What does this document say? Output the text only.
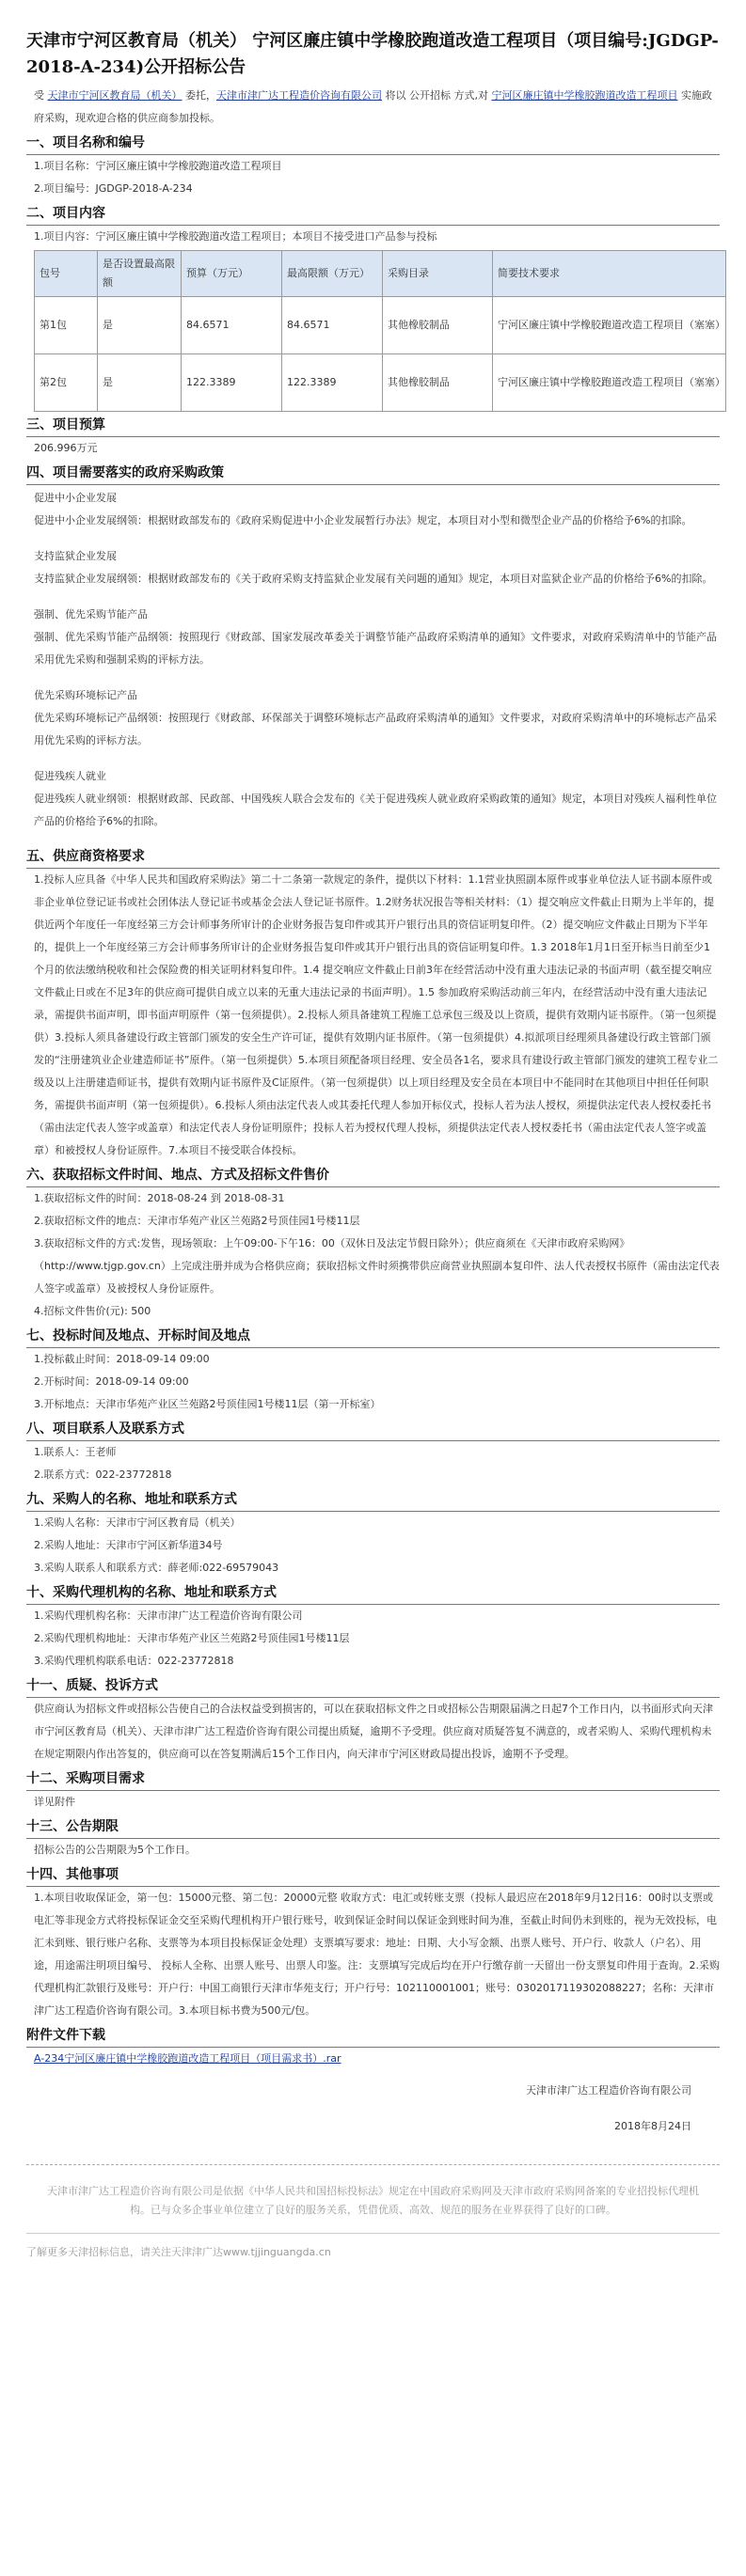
天津市宁河区教育局（机关） 宁河区廉庄镇中学橡胶跑道改造工程项目（项目编号:JGDGP-2018-A-234)公开招标公告
受 天津市宁河区教育局（机关） 委托，天津市津广达工程造价咨询有限公司 将以 公开招标 方式,对 宁河区廉庄镇中学橡胶跑道改造工程项目 实施政府采购，现欢迎合格的供应商参加投标。
一、项目名称和编号
1.项目名称：宁河区廉庄镇中学橡胶跑道改造工程项目
2.项目编号：JGDGP-2018-A-234
二、项目内容
1.项目内容：宁河区廉庄镇中学橡胶跑道改造工程项目；本项目不接受进口产品参与投标
包号	是否设置最高限额	预算（万元）	最高限额（万元）	采购目录	简要技术要求
第1包	是	84.6571	84.6571	其他橡胶制品	宁河区廉庄镇中学橡胶跑道改造工程项目（塞塞）
第2包	是	122.3389	122.3389	其他橡胶制品	宁河区廉庄镇中学橡胶跑道改造工程项目（塞塞）
三、项目预算
206.996万元
四、项目需要落实的政府采购政策
促进中小企业发展
促进中小企业发展纲领：根据财政部发布的《政府采购促进中小企业发展暂行办法》规定，本项目对小型和微型企业产品的价格给予6%的扣除。
支持监狱企业发展
支持监狱企业发展纲领：根据财政部发布的《关于政府采购支持监狱企业发展有关问题的通知》规定，本项目对监狱企业产品的价格给予6%的扣除。
强制、优先采购节能产品
强制、优先采购节能产品纲领：按照现行《财政部、国家发展改革委关于调整节能产品政府采购清单的通知》文件要求，对政府采购清单中的节能产品采用优先采购和强制采购的评标方法。
优先采购环境标记产品
优先采购环境标记产品纲领：按照现行《财政部、环保部关于调整环境标志产品政府采购清单的通知》文件要求，对政府采购清单中的环境标志产品采用优先采购的评标方法。
促进残疾人就业
促进残疾人就业纲领：根据财政部、民政部、中国残疾人联合会发布的《关于促进残疾人就业政府采购政策的通知》规定，本项目对残疾人福利性单位产品的价格给予6%的扣除。
五、供应商资格要求
1.投标人应具备《中华人民共和国政府采购法》第二十二条第一款规定的条件，提供以下材料：1.1营业执照副本原件或事业单位法人证书副本原件或非企业单位登记证书或社会团体法人登记证书或基金会法人登记证书原件。1.2财务状况报告等相关材料：（1）提交响应文件截止日期为上半年的，提供近两个年度任一年度经第三方会计师事务所审计的企业财务报告复印件或其开户银行出具的资信证明复印件。（2）提交响应文件截止日期为下半年的，提供上一个年度经第三方会计师事务所审计的企业财务报告复印件或其开户银行出具的资信证明复印件。1.3 2018年1月1日至开标当日前至少1个月的依法缴纳税收和社会保险费的相关证明材料复印件。1.4 提交响应文件截止日前3年在经营活动中没有重大违法记录的书面声明（截至提交响应文件截止日或在不足3年的供应商可提供自成立以来的无重大违法记录的书面声明）。1.5 参加政府采购活动前三年内，在经营活动中没有重大违法记录，需提供书面声明，即书面声明原件（第一包须提供）。2.投标人须具备建筑工程施工总承包三级及以上资质，提供有效期内证书原件。（第一包须提供）3.投标人须具备建设行政主管部门颁发的安全生产许可证，提供有效期内证书原件。（第一包须提供）4.拟派项目经理须具备建设行政主管部门颁发的“注册建筑业企业建造师证书”原件。（第一包须提供）5.本项目须配备项目经理、安全员各1名，要求具有建设行政主管部门颁发的建筑工程专业二级及以上注册建造师证书，提供有效期内证书原件及C证原件。（第一包须提供）以上项目经理及安全员在本项目中不能同时在其他项目中担任任何职务，需提供书面声明（第一包须提供）。6.投标人须由法定代表人或其委托代理人参加开标仪式，投标人若为法人授权，须提供法定代表人授权委托书（需由法定代表人签字或盖章）和法定代表人身份证明原件；投标人若为授权代理人投标，须提供法定代表人授权委托书（需由法定代表人签字或盖章）和被授权人身份证原件。7.本项目不接受联合体投标。
六、获取招标文件时间、地点、方式及招标文件售价
1.获取招标文件的时间：2018-08-24 到 2018-08-31
2.获取招标文件的地点：天津市华苑产业区兰苑路2号顶佳园1号楼11层
3.获取招标文件的方式:发售，现场领取：上午09:00-下午16：00（双休日及法定节假日除外）；供应商须在《天津市政府采购网》（http://www.tjgp.gov.cn）上完成注册并成为合格供应商；获取招标文件时须携带供应商营业执照副本复印件、法人代表授权书原件（需由法定代表人签字或盖章）及被授权人身份证原件。
4.招标文件售价(元): 500
七、投标时间及地点、开标时间及地点
1.投标截止时间：2018-09-14 09:00
2.开标时间：2018-09-14 09:00
3.开标地点：天津市华苑产业区兰苑路2号顶佳园1号楼11层（第一开标室）
八、项目联系人及联系方式
1.联系人：王老师
2.联系方式：022-23772818
九、采购人的名称、地址和联系方式
1.采购人名称：天津市宁河区教育局（机关）
2.采购人地址：天津市宁河区新华道34号
3.采购人联系人和联系方式：薛老师:022-69579043
十、采购代理机构的名称、地址和联系方式
1.采购代理机构名称：天津市津广达工程造价咨询有限公司
2.采购代理机构地址：天津市华苑产业区兰苑路2号顶佳园1号楼11层
3.采购代理机构联系电话：022-23772818
十一、质疑、投诉方式
供应商认为招标文件或招标公告使自己的合法权益受到损害的，可以在获取招标文件之日或招标公告期限届满之日起7个工作日内，以书面形式向天津市宁河区教育局（机关）、天津市津广达工程造价咨询有限公司提出质疑，逾期不予受理。供应商对质疑答复不满意的，或者采购人、采购代理机构未在规定期限内作出答复的，供应商可以在答复期满后15个工作日内，向天津市宁河区财政局提出投诉，逾期不予受理。
十二、采购项目需求
详见附件
十三、公告期限
招标公告的公告期限为5个工作日。
十四、其他事项
1.本项目收取保证金，第一包：15000元整、第二包：20000元整 收取方式：电汇或转账支票（投标人最迟应在2018年9月12日16：00时以支票或电汇等非现金方式将投标保证金交至采购代理机构开户银行账号，收到保证金时间以保证金到账时间为准，至截止时间仍未到账的，视为无效投标，电汇未到账、银行账户名称、支票等为本项目投标保证金处理）支票填写要求：地址：日期、大小写金额、出票人账号、开户行、收款人（户名）、用途，用途需注明项目编号、 投标人全称、出票人账号、出票人印鉴。注：支票填写完成后均在开户行缴存前一天留出一份支票复印件用于查询。2.采购代理机构汇款银行及账号：开户行：中国工商银行天津市华苑支行；开户行号：102110001001；账号：0302017119302088227；名称：天津市津广达工程造价咨询有限公司。3.本项目标书费为500元/包。
附件文件下载
A-234宁河区廉庄镇中学橡胶跑道改造工程项目（项目需求书）.rar
天津市津广达工程造价咨询有限公司
2018年8月24日
天津市津广达工程造价咨询有限公司是依据《中华人民共和国招标投标法》规定在中国政府采购网及天津市政府采购网备案的专业招投标代理机构。已与众多企事业单位建立了良好的服务关系，凭借优质、高效、规范的服务在业界获得了良好的口碑。
了解更多天津招标信息，请关注天津津广达www.tjjinguangda.cn
